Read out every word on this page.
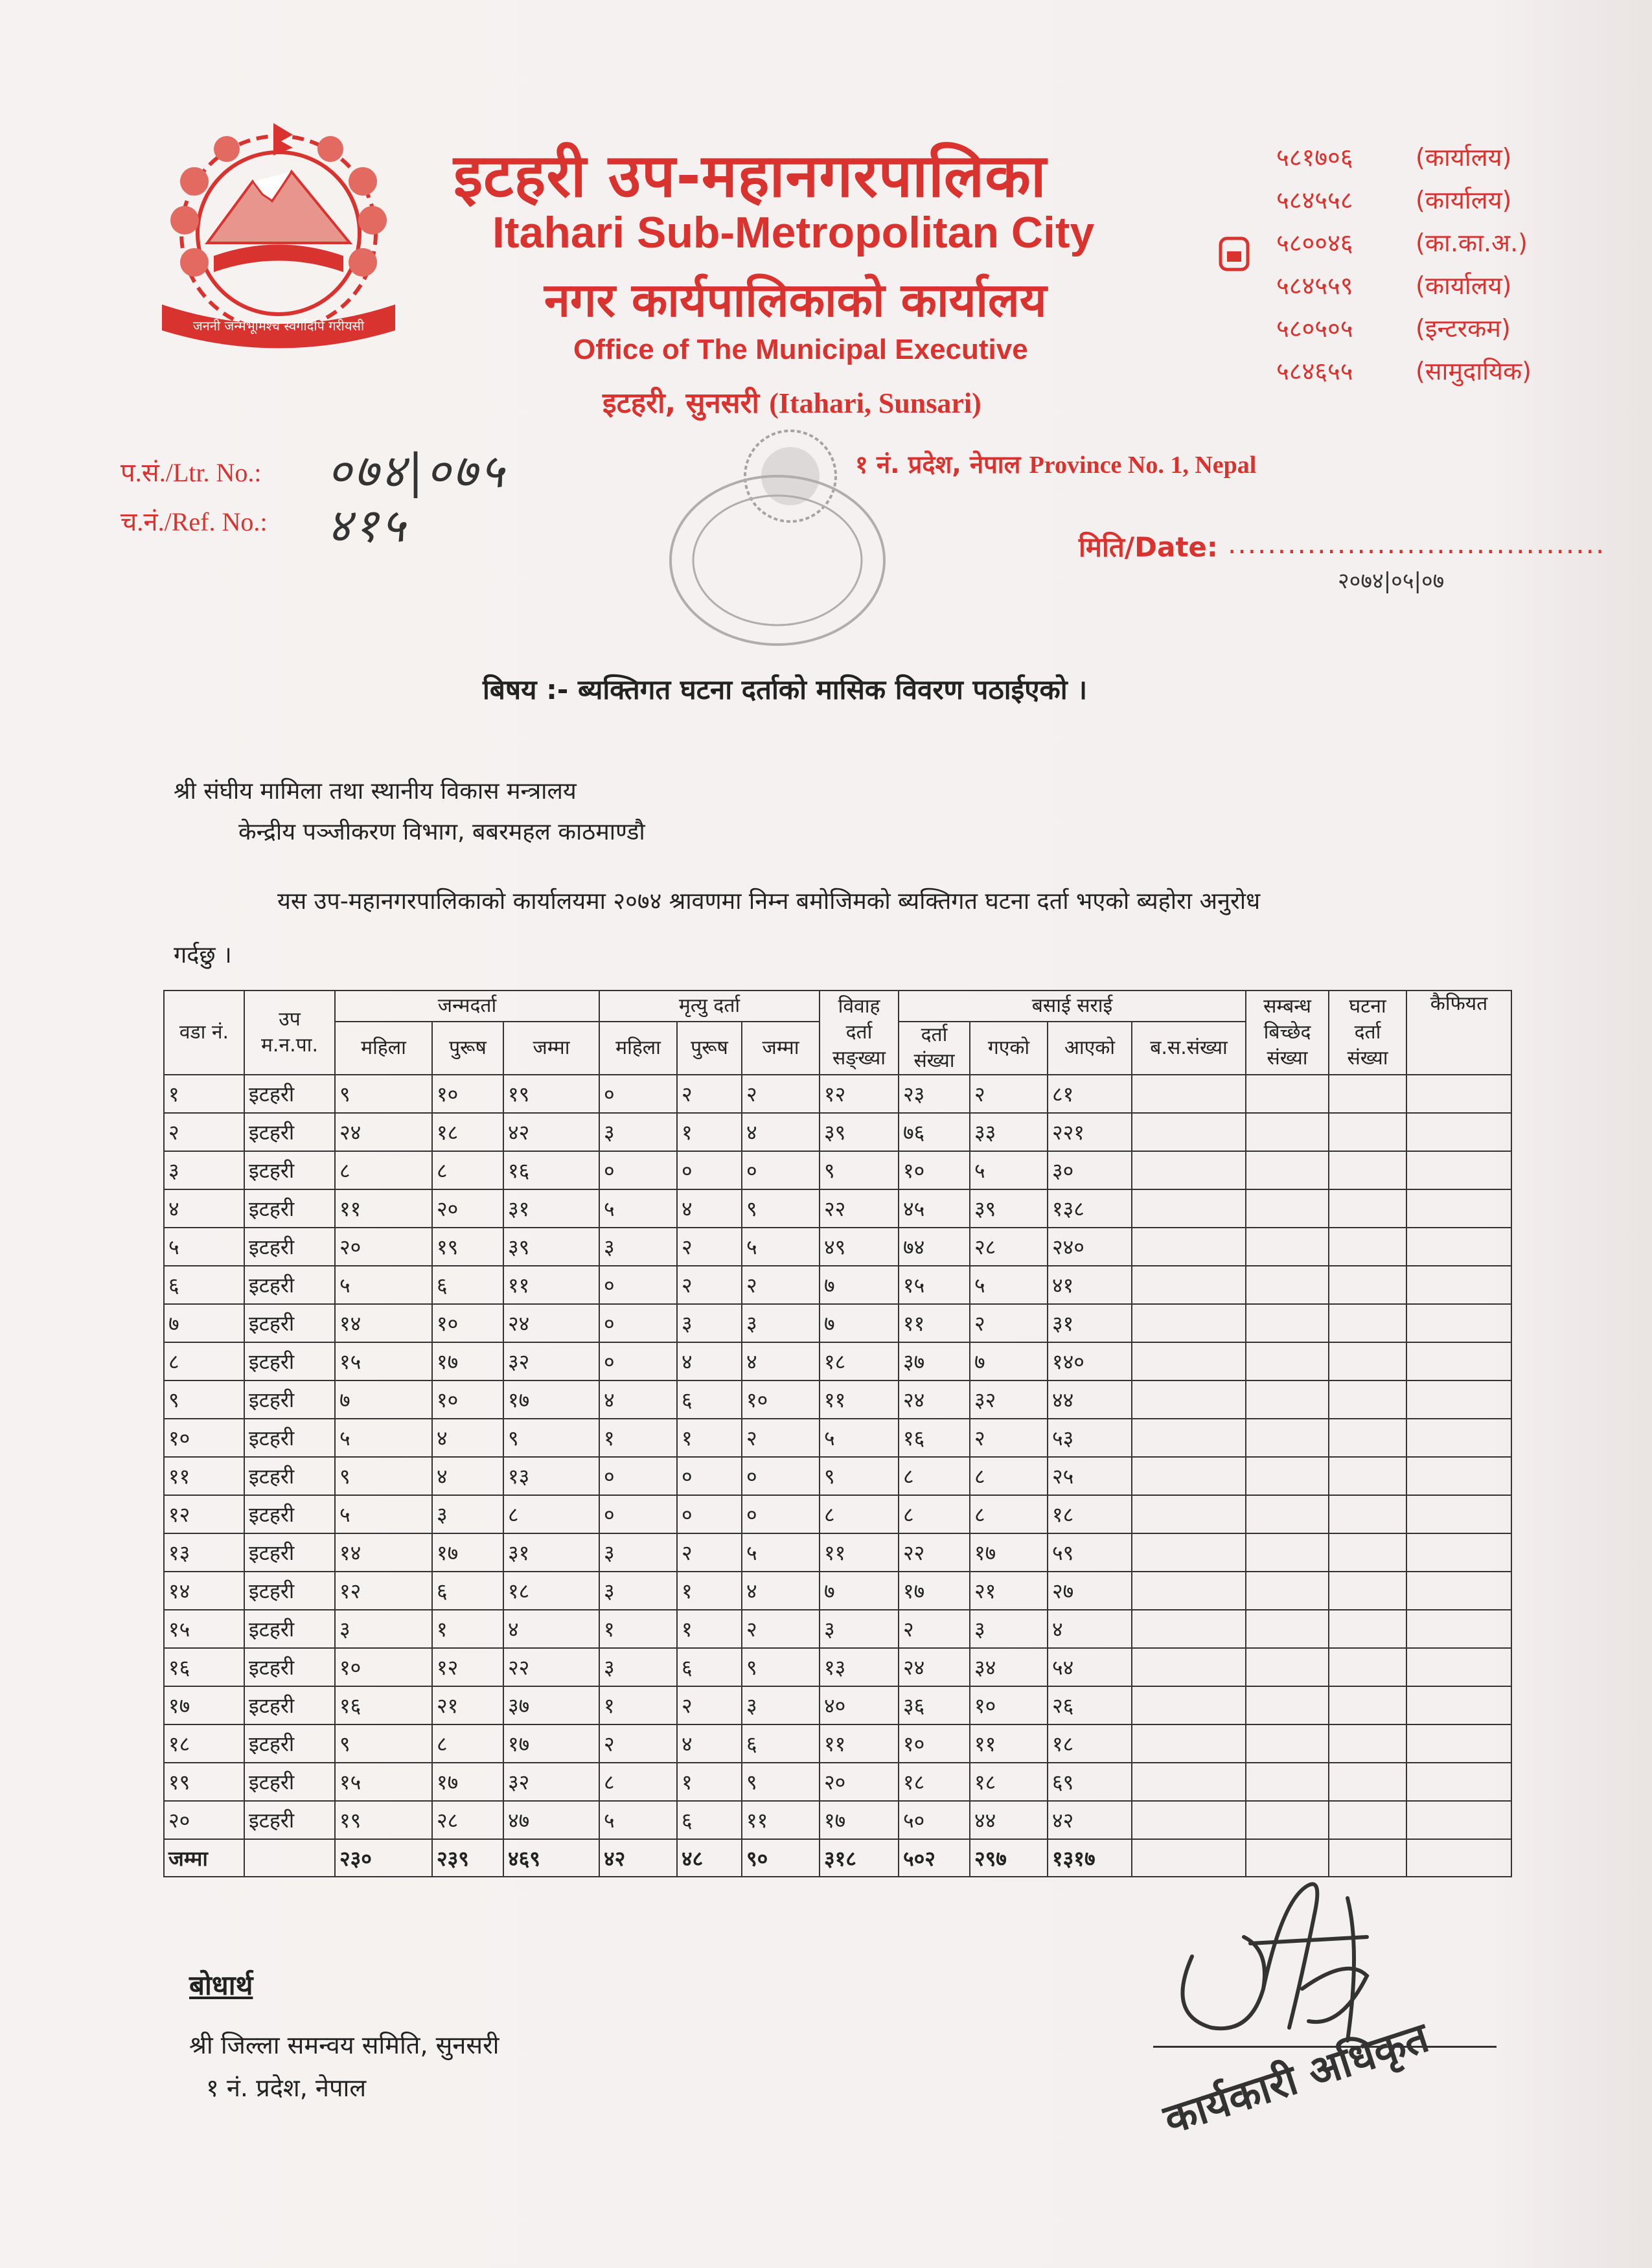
जननी जन्मभूमिश्च स्वर्गादपि गरीयसी
इटहरी उप-महानगरपालिका
Itahari Sub-Metropolitan City
नगर कार्यपालिकाको कार्यालय
Office of The Municipal Executive
इटहरी, सुनसरी (Itahari, Sunsari)
५८१७०६	(कार्यालय)
५८४५५८	(कार्यालय)
५८००४६	(का.का.अ.)
५८४५५९	(कार्यालय)
५८०५०५	(इन्टरकम)
५८४६५५	(सामुदायिक)
१ नं. प्रदेश, नेपाल Province No. 1, Nepal
प.सं./Ltr. No.: ०७४|०७५
च.नं./Ref. No.: ४१५	मिति/Date: ......................................
२०७४|०५|०७
बिषय :- ब्यक्तिगत घटना दर्ताको मासिक विवरण पठाईएको ।
श्री संघीय मामिला तथा स्थानीय विकास मन्त्रालय
केन्द्रीय पञ्जीकरण विभाग, बबरमहल काठमाण्डौ
यस उप-महानगरपालिकाको कार्यालयमा २०७४ श्रावणमा निम्न बमोजिमको ब्यक्तिगत घटना दर्ता भएको ब्यहोरा अनुरोध
गर्दछु ।
वडा नं.	उप म.न.पा.	जन्मदर्ता			मृत्यु दर्ता			विवाह दर्ता सङ्ख्या	बसाई सराई				सम्बन्ध बिच्छेद संख्या	घटना दर्ता संख्या	कैफियत
		महिला	पुरूष	जम्मा	महिला	पुरूष	जम्मा		दर्ता संख्या	गएको	आएको	ब.स.संख्या			
१	इटहरी	९	१०	१९	०	२	२	१२	२३	२	८१				
२	इटहरी	२४	१८	४२	३	१	४	३९	७६	३३	२२१				
३	इटहरी	८	८	१६	०	०	०	९	१०	५	३०				
४	इटहरी	११	२०	३१	५	४	९	२२	४५	३९	१३८				
५	इटहरी	२०	१९	३९	३	२	५	४९	७४	२८	२४०				
६	इटहरी	५	६	११	०	२	२	७	१५	५	४१				
७	इटहरी	१४	१०	२४	०	३	३	७	११	२	३१				
८	इटहरी	१५	१७	३२	०	४	४	१८	३७	७	१४०				
९	इटहरी	७	१०	१७	४	६	१०	११	२४	३२	४४				
१०	इटहरी	५	४	९	१	१	२	५	१६	२	५३				
११	इटहरी	९	४	१३	०	०	०	९	८	८	२५				
१२	इटहरी	५	३	८	०	०	०	८	८	८	१८				
१३	इटहरी	१४	१७	३१	३	२	५	११	२२	१७	५९				
१४	इटहरी	१२	६	१८	३	१	४	७	१७	२१	२७				
१५	इटहरी	३	१	४	१	१	२	३	२	३	४				
१६	इटहरी	१०	१२	२२	३	६	९	१३	२४	३४	५४				
१७	इटहरी	१६	२१	३७	१	२	३	४०	३६	१०	२६				
१८	इटहरी	९	८	१७	२	४	६	११	१०	११	१८				
१९	इटहरी	१५	१७	३२	८	१	९	२०	१८	१८	६९				
२०	इटहरी	१९	२८	४७	५	६	११	१७	५०	४४	४२				
जम्मा		२३०	२३९	४६९	४२	४८	९०	३१८	५०२	२९७	१३१७				
बोधार्थ
श्री जिल्ला समन्वय समिति, सुनसरी
१ नं. प्रदेश, नेपाल	कार्यकारी अधिकृत
